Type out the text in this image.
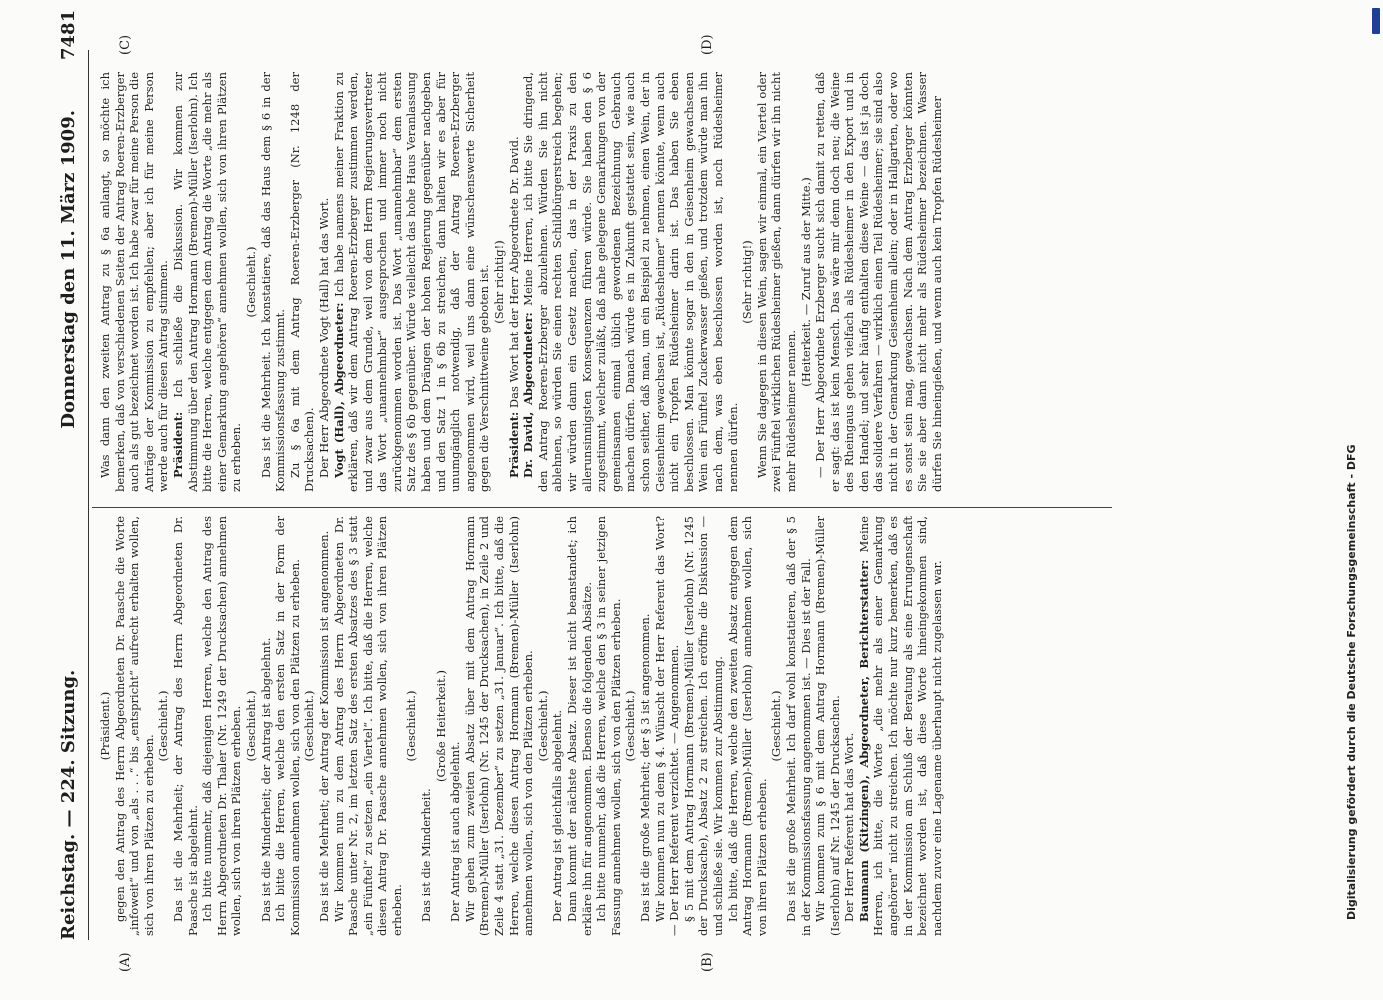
Reichstag. — 224. Sitzung.
Donnerstag den 11. März 1909.
7481
(A)	(B)
(C)	(D)

(Präsident.) gegen den Antrag des Herrn Abgeordneten Dr. Paasche die Worte „infoweit“ und von „als . . .“ bis „entspricht“ aufrecht erhalten wollen, sich von ihren Plätzen zu erheben.

(Geschieht.) Das ist die Mehrheit; der Antrag des Herrn Abgeordneten Dr. Paasche ist abgelehnt. Ich bitte nunmehr, daß diejenigen Herren, welche den Antrag des Herrn Abgeordneten Dr. Thaler (Nr. 1249 der Drucksachen) annehmen wollen, sich von ihren Plätzen erheben. (Geschieht.) Das ist die Minderheit; der Antrag ist abgelehnt. Ich bitte die Herren, welche den ersten Satz in der Form der Kommission annehmen wollen, sich von den Plätzen zu erheben. (Geschieht.) Das ist die Mehrheit; der Antrag der Kommission ist angenommen. Wir kommen nun zu dem Antrag des Herrn Abgeordneten Dr. Paasche unter Nr. 2, im letzten Satz des ersten Absatzes des § 3 statt „ein Fünftel“ zu setzen „ein Viertel“. Ich bitte, daß die Herren, welche diesen Antrag Dr. Paasche annehmen wollen, sich von ihren Plätzen erheben.

(Geschieht.)

Das ist die Minderheit.

(Große Heiterkeit.)

Der Antrag ist auch abgelehnt. Wir gehen zum zweiten Absatz über mit dem Antrag Hormann (Bremen)-Müller (Iserlohn) (Nr. 1245 der Drucksachen), in Zeile 2 und Zeile 4 statt „31. Dezember“ zu setzen „31. Januar“. Ich bitte, daß die Herren, welche diesen Antrag Hormann (Bremen)-Müller (Iserlohn) annehmen wollen, sich von den Plätzen erheben. (Geschieht.) Der Antrag ist gleichfalls abgelehnt. Dann kommt der nächste Absatz. Dieser ist nicht beanstandet; ich erkläre ihn für angenommen. Ebenso die folgenden Absätze. Ich bitte nunmehr, daß die Herren, welche den § 3 in seiner jetzigen Fassung annehmen wollen, sich von den Plätzen erheben. (Geschieht.) Das ist die große Mehrheit; der § 3 ist angenommen. Wir kommen nun zu dem § 4. Wünscht der Herr Referent das Wort? — Der Herr Referent verzichtet. — Angenommen. § 5 mit dem Antrag Hormann (Bremen)-Müller (Iserlohn) (Nr. 1245 der Drucksache), Absatz 2 zu streichen. Ich eröffne die Diskussion — und schließe sie. Wir kommen zur Abstimmung. Ich bitte, daß die Herren, welche den zweiten Absatz entgegen dem Antrag Hormann (Bremen)-Müller (Iserlohn) annehmen wollen, sich von ihren Plätzen erheben.

(Geschieht.) Das ist die große Mehrheit. Ich darf wohl konstatieren, daß der § 5 in der Kommissionsfassung angenommen ist. — Dies ist der Fall. Wir kommen zum § 6 mit dem Antrag Hormann (Bremen)-Müller (Iserlohn) auf Nr. 1245 der Drucksachen. Der Herr Referent hat das Wort. Baumann (Kitzingen), Abgeordneter, Berichterstatter: Meine Herren, ich bitte, die Worte „die mehr als einer Gemarkung angehören“ nicht zu streichen. Ich möchte nur kurz bemerken, daß es in der Kommission am Schluß der Beratung als eine Errungenschaft bezeichnet worden ist, daß diese Worte hineingekommen sind, nachdem zuvor eine Lagename überhaupt nicht zugelassen war.

Was dann den zweiten Antrag zu § 6a anlangt, so möchte ich bemerken, daß von verschiedenen Seiten der Antrag Roeren-Erzberger auch als gut bezeichnet worden ist. Ich habe zwar für meine Person die Anträge der Kommission zu empfehlen; aber ich für meine Person werde auch für diesen Antrag stimmen. Präsident: Ich schließe die Diskussion. Wir kommen zur Abstimmung über den Antrag Hormann (Bremen)-Müller (Iserlohn). Ich bitte die Herren, welche entgegen dem Antrag die Worte „die mehr als einer Gemarkung angehören“ annehmen wollen, sich von ihren Plätzen zu erheben.

(Geschieht.) Das ist die Mehrheit. Ich konstatiere, daß das Haus dem § 6 in der Kommissionsfassung zustimmt. Zu § 6a mit dem Antrag Roeren-Erzberger (Nr. 1248 der Drucksachen). Der Herr Abgeordnete Vogt (Hall) hat das Wort. Vogt (Hall), Abgeordneter: Ich habe namens meiner Fraktion zu erklären, daß wir dem Antrag Roeren-Erzberger zustimmen werden, und zwar aus dem Grunde, weil von dem Herrn Regierungsvertreter das Wort „unannehmbar“ ausgesprochen und immer noch nicht zurückgenommen worden ist. Das Wort „unannehmbar“ dem ersten Satz des § 6b gegenüber. Würde vielleicht das hohe Haus Veranlassung haben und dem Drängen der hohen Regierung gegenüber nachgeben und den Satz 1 in § 6b zu streichen; dann halten wir es aber für unumgänglich notwendig, daß der Antrag Roeren-Erzberger angenommen wird, weil uns dann eine wünschenswerte Sicherheit gegen die Verschnittweine geboten ist. (Sehr richtig!)

Präsident: Das Wort hat der Herr Abgeordnete Dr. David. Dr. David, Abgeordneter: Meine Herren, ich bitte Sie dringend, den Antrag Roeren-Erzberger abzulehnen. Würden Sie ihn nicht ablehnen, so würden Sie einen rechten Schildbürgerstreich begehen; wir würden dann ein Gesetz machen, das in der Praxis zu den allerunsinnigsten Konsequenzen führen würde. Sie haben den § 6 zugestimmt, welcher zuläßt, daß nahe gelegene Gemarkungen von der gemeinsamen einmal üblich gewordenen Bezeichnung Gebrauch machen dürfen. Danach würde es in Zukunft gestattet sein, wie auch schon seither, daß man, um ein Beispiel zu nehmen, einen Wein, der in Geisenheim gewachsen ist, „Rüdesheimer“ nennen könnte, wenn auch nicht ein Tropfen Rüdesheimer darin ist. Das haben Sie eben beschlossen. Man könnte sogar in den in Geisenheim gewachsenen Wein ein Fünftel Zuckerwasser gießen, und trotzdem würde man ihn nach dem, was eben beschlossen worden ist, noch Rüdesheimer nennen dürfen.

(Sehr richtig!) Wenn Sie dagegen in diesen Wein, sagen wir einmal, ein Viertel oder zwei Fünftel wirklichen Rüdesheimer gießen, dann dürfen wir ihn nicht mehr Rüdesheimer nennen.

(Heiterkeit. — Zuruf aus der Mitte.) — Der Herr Abgeordnete Erzberger sucht sich damit zu retten, daß er sagt: das ist kein Mensch. Das wäre mir denn doch neu; die Weine des Rheingaus gehen vielfach als Rüdesheimer in den Export und in den Handel; und sehr häufig enthalten diese Weine — das ist ja doch das solidere Verfahren — wirklich einen Teil Rüdesheimer; sie sind also nicht in der Gemarkung Geisenheim allein; oder in Hallgarten, oder wo es sonst sein mag, gewachsen. Nach dem Antrag Erzberger könnten Sie sie aber dann nicht mehr als Rüdesheimer bezeichnen. Wasser dürfen Sie hineingießen, und wenn auch kein Tropfen Rüdesheimer

Digitalisierung gefördert durch die Deutsche Forschungsgemeinschaft - DFG
